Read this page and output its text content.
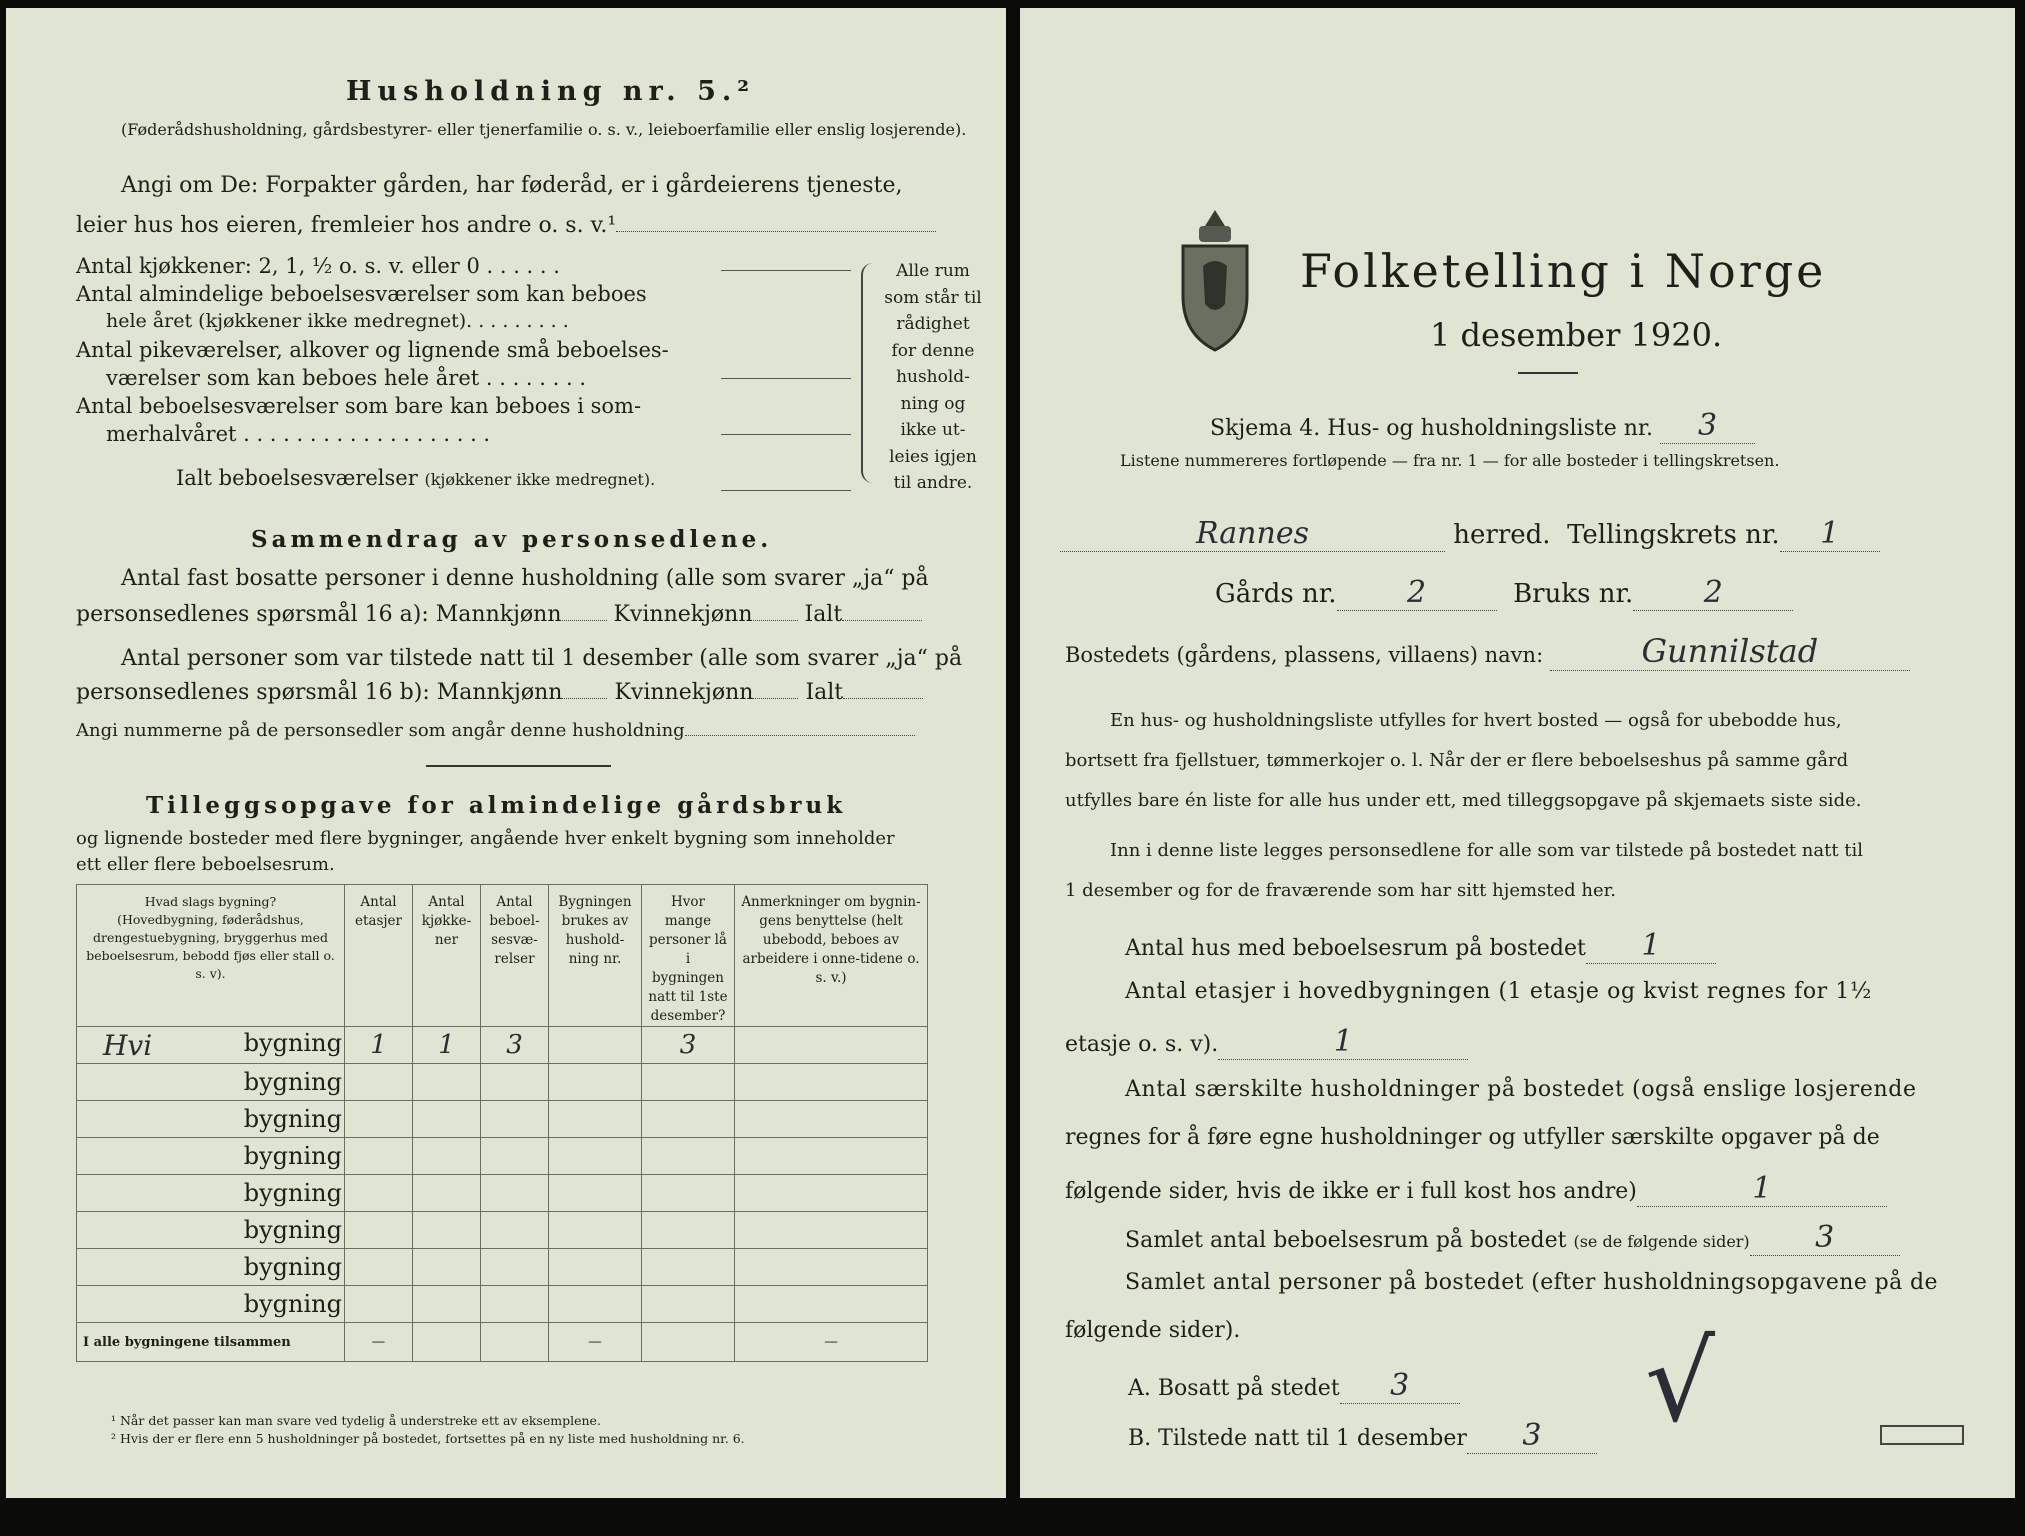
Husholdning nr. 5.²
(Føderådshusholdning, gårdsbestyrer- eller tjenerfamilie o. s. v., leieboerfamilie eller enslig losjerende).
Angi om De: Forpakter gården, har føderåd, er i gårdeierens tjeneste,
leier hus hos eieren, fremleier hos andre o. s. v.¹
Antal kjøkkener: 2, 1, ½ o. s. v. eller 0 . . . . . .
Antal almindelige beboelsesværelser som kan beboes
hele året (kjøkkener ikke medregnet). . . . . . . . .
Antal pikeværelser, alkover og lignende små beboelses-
værelser som kan beboes hele året . . . . . . . .
Antal beboelsesværelser som bare kan beboes i som-
merhalvåret . . . . . . . . . . . . . . . . . . .
Ialt beboelsesværelser (kjøkkener ikke medregnet).
Alle rum
som står til
rådighet
for denne
hushold-
ning og
ikke ut-
leies igjen
til andre.
Sammendrag av personsedlene.
Antal fast bosatte personer i denne husholdning (alle som svarer „ja“ på
personsedlenes spørsmål 16 a): Mannkjønn Kvinnekjønn Ialt
Antal personer som var tilstede natt til 1 desember (alle som svarer „ja“ på
personsedlenes spørsmål 16 b): Mannkjønn Kvinnekjønn Ialt
Angi nummerne på de personsedler som angår denne husholdning
Tilleggsopgave for almindelige gårdsbruk
og lignende bosteder med flere bygninger, angående hver enkelt bygning som inneholder
ett eller flere beboelsesrum.
Hvad slags bygning?
(Hovedbygning, føderådshus, drengestuebygning, bryggerhus med beboelsesrum, bebodd fjøs eller stall o. s. v).	Antal etasjer	Antal kjøkke-ner	Antal beboel-sesvæ-relser	Bygningen brukes av hushold-ning nr.	Hvor mange personer lå i bygningen natt til 1ste desember?	Anmerkninger om bygnin-gens benyttelse (helt ubebodd, beboes av arbeidere i onne-tidene o. s. v.)

Hvi bygning	1	1	3		3	

bygning						

bygning						

bygning						

bygning						

bygning						

bygning						

bygning						
I alle bygningene tilsammen	—			—		—
¹ Når det passer kan man svare ved tydelig å understreke ett av eksemplene.
² Hvis der er flere enn 5 husholdninger på bostedet, fortsettes på en ny liste med husholdning nr. 6.
Folketelling i Norge
1 desember 1920.
Skjema 4. Hus- og husholdningsliste nr. 3
Listene nummereres fortløpende — fra nr. 1 — for alle bosteder i tellingskretsen.
Rannes	herred. Tellingskrets nr. 1
Gårds nr. 2	Bruks nr. 2
Bostedets (gårdens, plassens, villaens) navn:	Gunnilstad
En hus- og husholdningsliste utfylles for hvert bosted — også for ubebodde hus,
bortsett fra fjellstuer, tømmerkojer o. l. Når der er flere beboelseshus på samme gård
utfylles bare én liste for alle hus under ett, med tilleggsopgave på skjemaets siste side.
Inn i denne liste legges personsedlene for alle som var tilstede på bostedet natt til
1 desember og for de fraværende som har sitt hjemsted her.
Antal hus med beboelsesrum på bostedet 1
Antal etasjer i hovedbygningen (1 etasje og kvist regnes for 1½
etasje o. s. v).	1
Antal særskilte husholdninger på bostedet (også enslige losjerende
regnes for å føre egne husholdninger og utfyller særskilte opgaver på de
følgende sider, hvis de ikke er i full kost hos andre)	1
Samlet antal beboelsesrum på bostedet (se de følgende sider) 3
Samlet antal personer på bostedet (efter husholdningsopgavene på de
følgende sider).
A. Bosatt på stedet 3
B. Tilstede natt til 1 desember 3 √
